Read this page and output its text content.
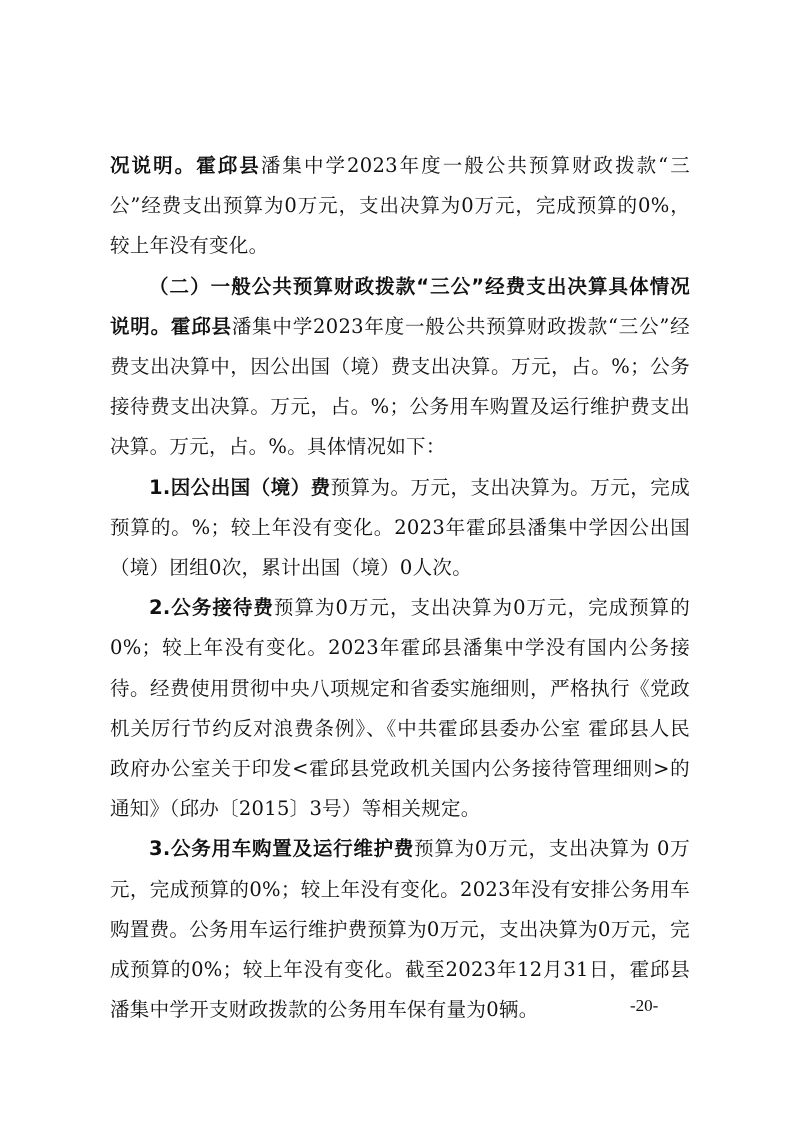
况说明。霍邱县潘集中学2023年度一般公共预算财政拨款“三公”经费支出预算为0万元，支出决算为0万元，完成预算的0%，较上年没有变化。

（二）一般公共预算财政拨款“三公”经费支出决算具体情况说明。霍邱县潘集中学2023年度一般公共预算财政拨款“三公”经费支出决算中，因公出国（境）费支出决算。万元，占。%；公务接待费支出决算。万元，占。%；公务用车购置及运行维护费支出决算。万元，占。%。具体情况如下：

1.因公出国（境）费预算为。万元，支出决算为。万元，完成预算的。%；较上年没有变化。2023年霍邱县潘集中学因公出国（境）团组0次，累计出国（境）0人次。

2.公务接待费预算为0万元，支出决算为0万元，完成预算的0%；较上年没有变化。2023年霍邱县潘集中学没有国内公务接待。经费使用贯彻中央八项规定和省委实施细则，严格执行《党政机关厉行节约反对浪费条例》、《中共霍邱县委办公室 霍邱县人民政府办公室关于印发<霍邱县党政机关国内公务接待管理细则>的通知》（邱办〔2015〕3号）等相关规定。

3.公务用车购置及运行维护费预算为0万元，支出决算为 0万元，完成预算的0%；较上年没有变化。2023年没有安排公务用车购置费。公务用车运行维护费预算为0万元，支出决算为0万元，完成预算的0%；较上年没有变化。截至2023年12月31日，霍邱县潘集中学开支财政拨款的公务用车保有量为0辆。	-20-
